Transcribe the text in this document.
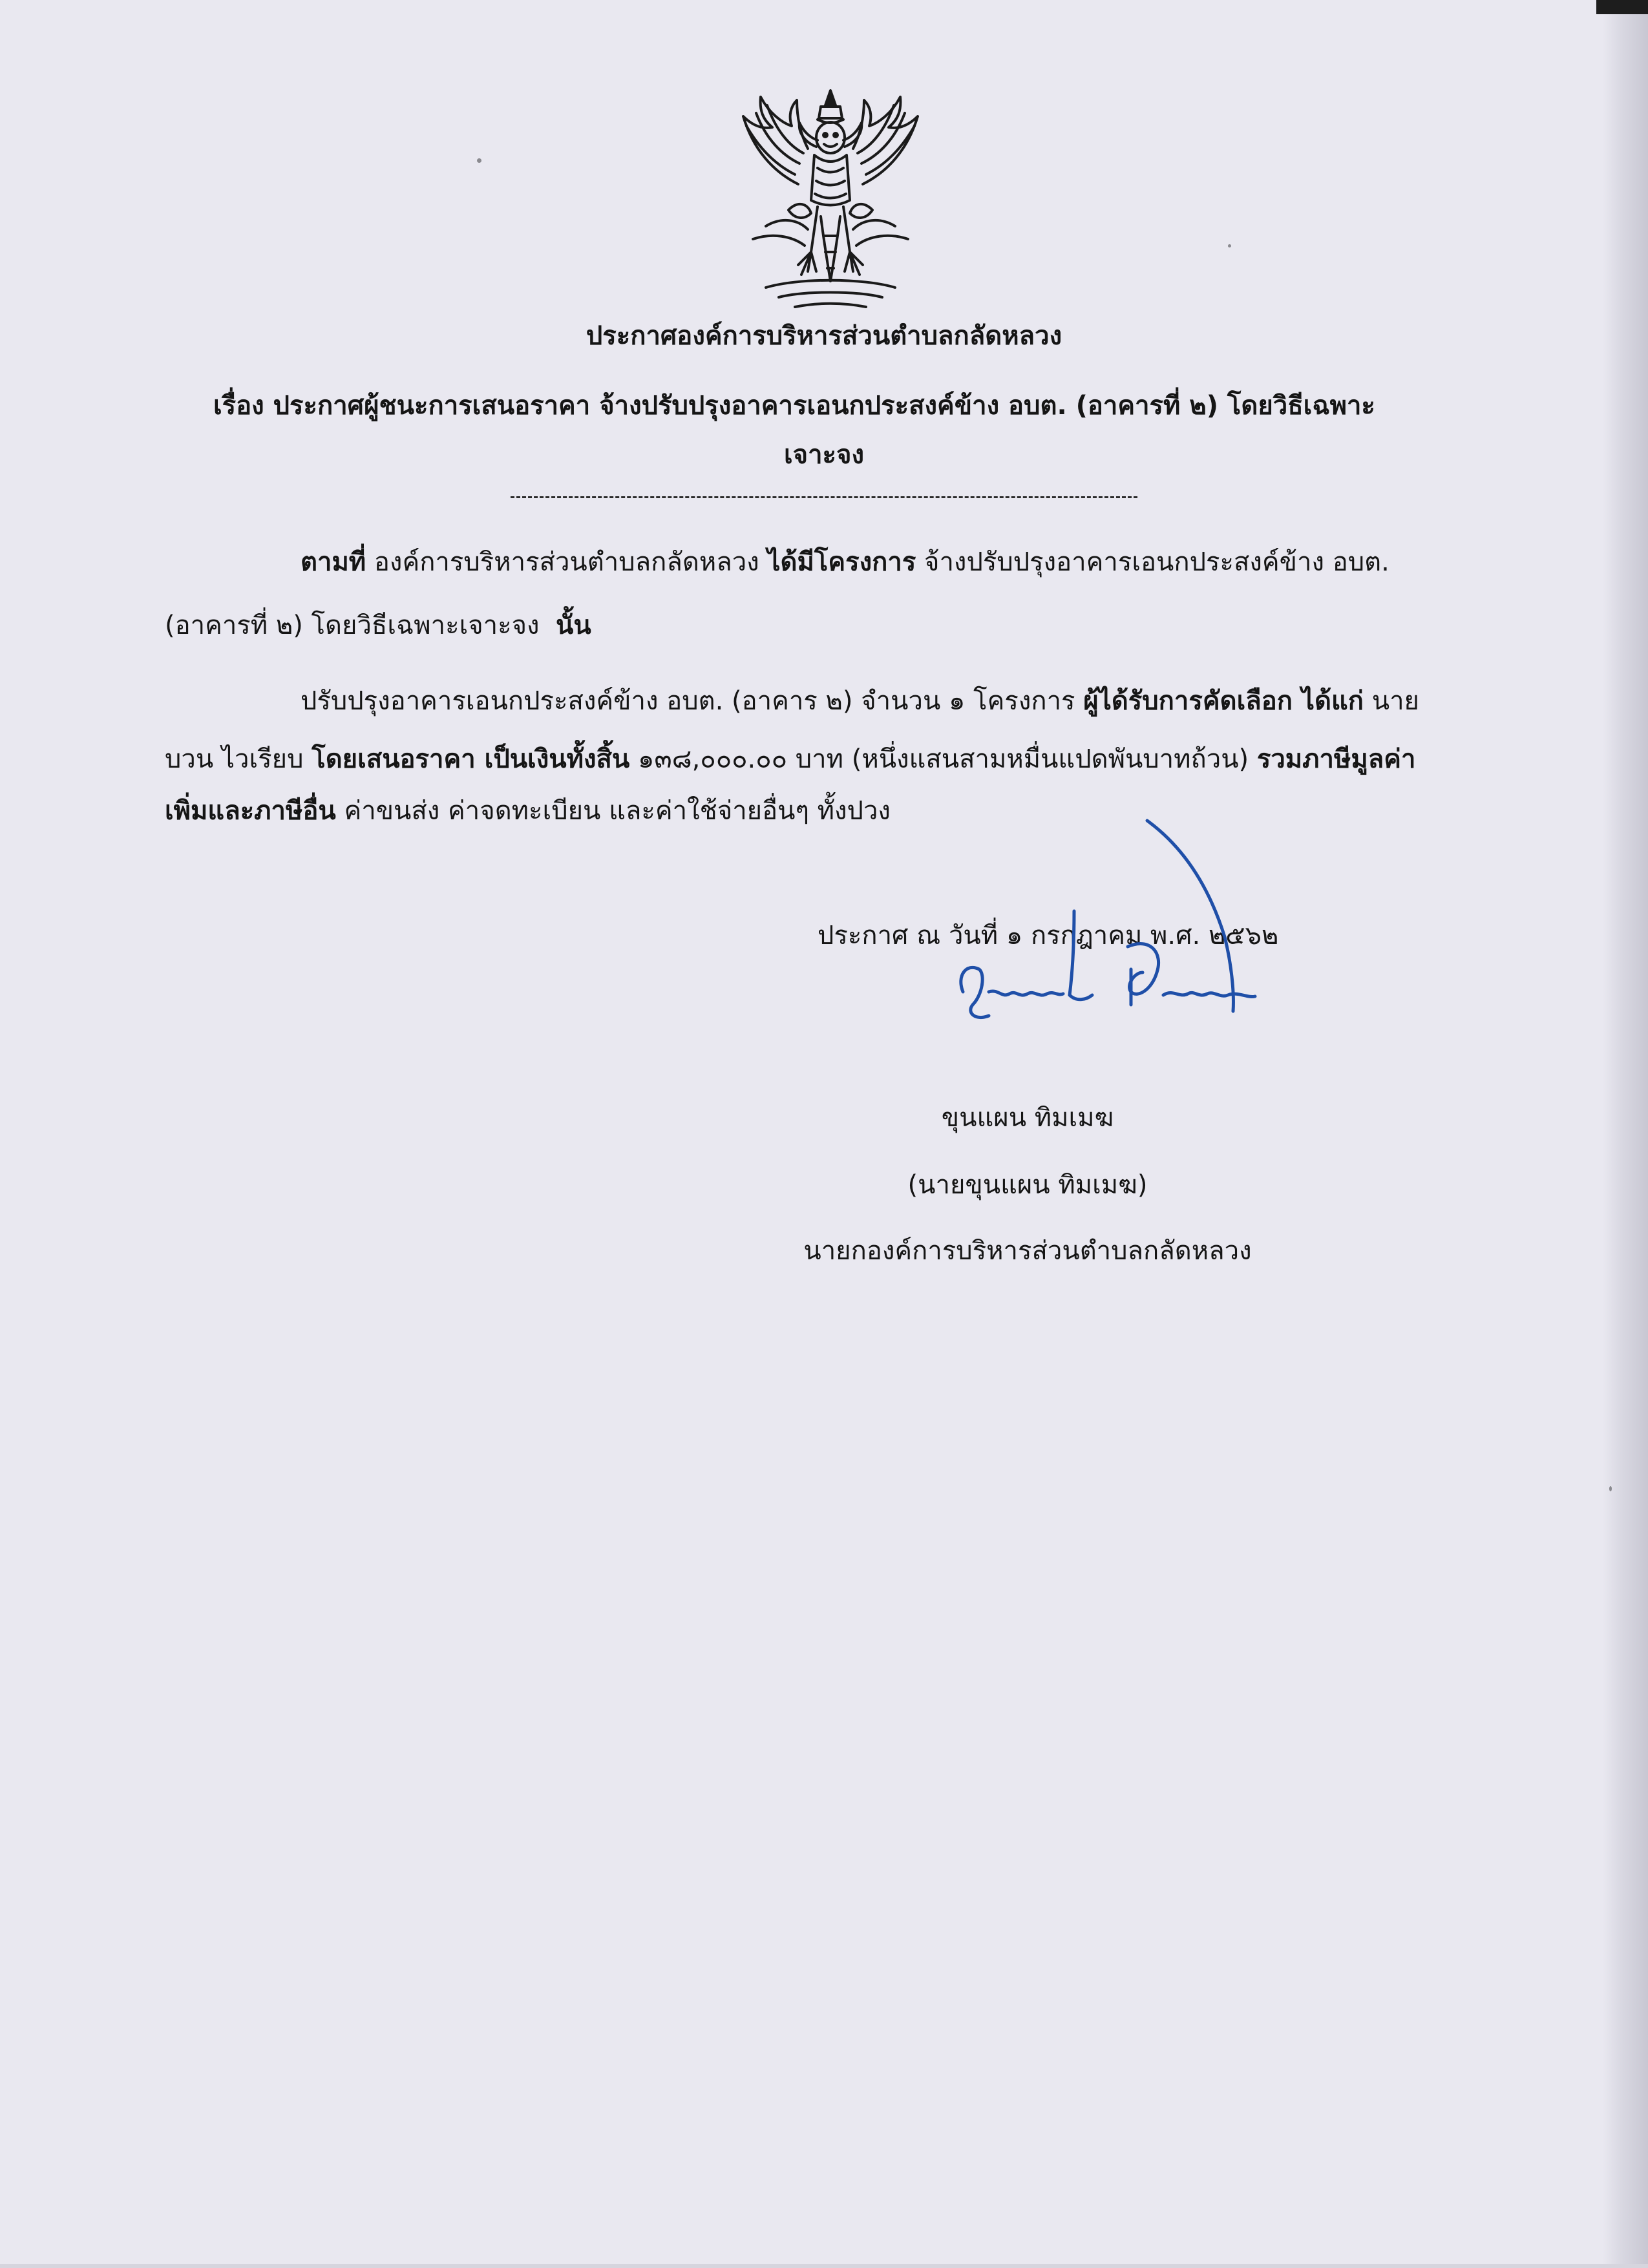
ประกาศองค์การบริหารส่วนตำบลกลัดหลวง

เรื่อง ประกาศผู้ชนะการเสนอราคา จ้างปรับปรุงอาคารเอนกประสงค์ข้าง อบต. (อาคารที่ ๒) โดยวิธีเฉพาะ

เจาะจง

ตามที่ องค์การบริหารส่วนตำบลกลัดหลวง ได้มีโครงการ จ้างปรับปรุงอาคารเอนกประสงค์ข้าง อบต.

(อาคารที่ ๒) โดยวิธีเฉพาะเจาะจง นั้น

ปรับปรุงอาคารเอนกประสงค์ข้าง อบต. (อาคาร ๒) จำนวน ๑ โครงการ ผู้ได้รับการคัดเลือก ได้แก่ นาย

บวน ไวเรียบ โดยเสนอราคา เป็นเงินทั้งสิ้น ๑๓๘,๐๐๐.๐๐ บาท (หนึ่งแสนสามหมื่นแปดพันบาทถ้วน) รวมภาษีมูลค่า

เพิ่มและภาษีอื่น ค่าขนส่ง ค่าจดทะเบียน และค่าใช้จ่ายอื่นๆ ทั้งปวง

ประกาศ ณ วันที่ ๑ กรกฎาคม พ.ศ. ๒๕๖๒

ขุนแผน ทิมเมฆ

(นายขุนแผน ทิมเมฆ)

นายกองค์การบริหารส่วนตำบลกลัดหลวง
